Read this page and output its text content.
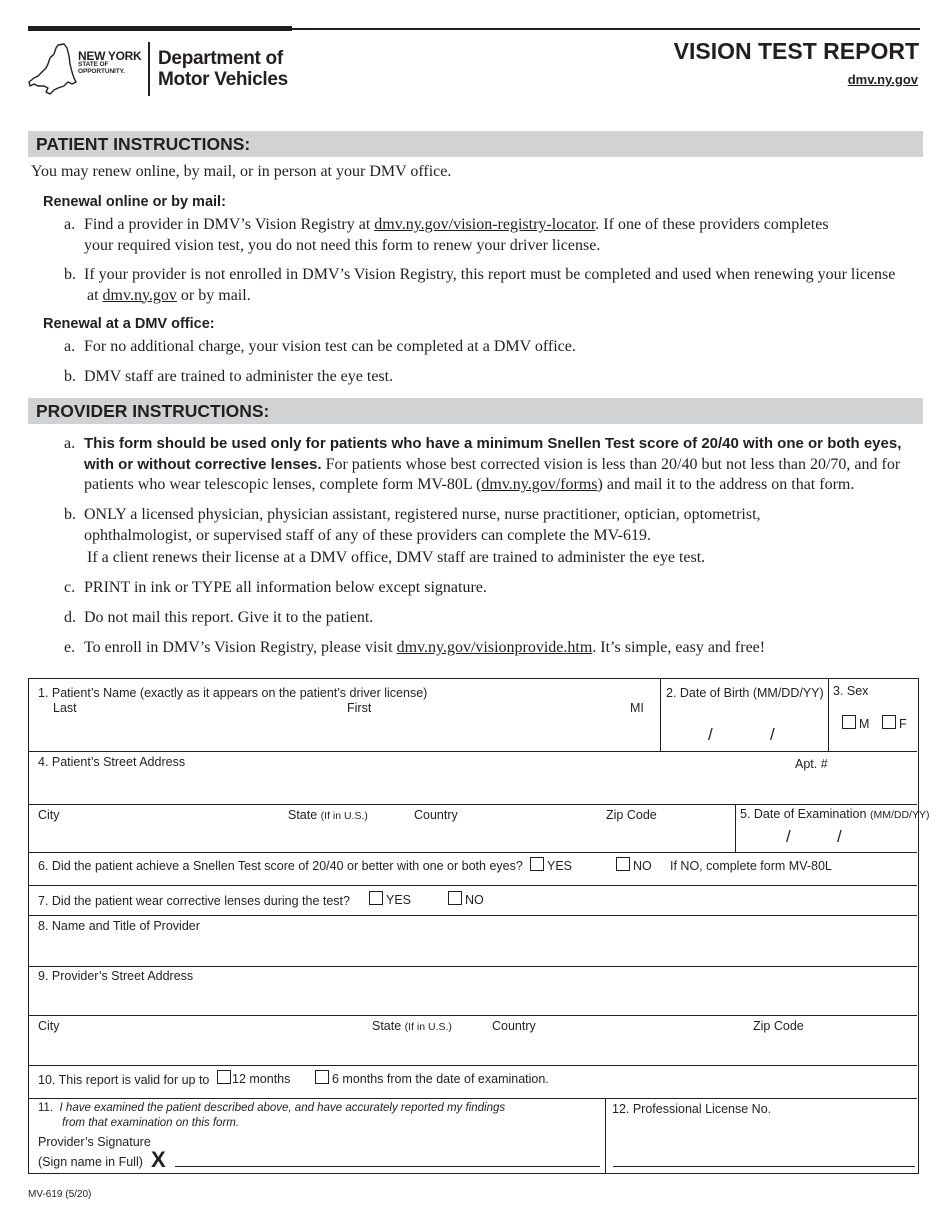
NEW YORK
STATE OF
OPPORTUNITY.
Department of
Motor Vehicles
VISION TEST REPORT
dmv.ny.gov
PATIENT INSTRUCTIONS:
You may renew online, by mail, or in person at your DMV office.
Renewal online or by mail:
a. Find a provider in DMV’s Vision Registry at dmv.ny.gov/vision-registry-locator. If one of these providers completes
your required vision test, you do not need this form to renew your driver license.
b. If your provider is not enrolled in DMV’s Vision Registry, this report must be completed and used when renewing your license
at dmv.ny.gov or by mail.
Renewal at a DMV office:
a. For no additional charge, your vision test can be completed at a DMV office.
b. DMV staff are trained to administer the eye test.
PROVIDER INSTRUCTIONS:
a. This form should be used only for patients who have a minimum Snellen Test score of 20/40 with one or both eyes,
with or without corrective lenses. For patients whose best corrected vision is less than 20/40 but not less than 20/70, and for
patients who wear telescopic lenses, complete form MV-80L (dmv.ny.gov/forms) and mail it to the address on that form.
b. ONLY a licensed physician, physician assistant, registered nurse, nurse practitioner, optician, optometrist,
ophthalmologist, or supervised staff of any of these providers can complete the MV-619.
If a client renews their license at a DMV office, DMV staff are trained to administer the eye test.
c. PRINT in ink or TYPE all information below except signature.
d. Do not mail this report. Give it to the patient.
e. To enroll in DMV’s Vision Registry, please visit dmv.ny.gov/visionprovide.htm. It’s simple, easy and free!
1. Patient’s Name (exactly as it appears on the patient’s driver license)
Last	First	MI
2. Date of Birth (MM/DD/YY)
/	/
3. Sex
M	F
4. Patient’s Street Address	Apt. #
City	State (If in U.S.)	Country	Zip Code	5. Date of Examination (MM/DD/YY)
/	/
6. Did the patient achieve a Snellen Test score of 20/40 or better with one or both eyes?	YES	NO If NO, complete form MV-80L
7. Did the patient wear corrective lenses during the test?	YES	NO
8. Name and Title of Provider
9. Provider’s Street Address
City	State (If in U.S.)	Country	Zip Code
10. This report is valid for up to	12 months	6 months from the date of examination.
11. I have examined the patient described above, and have accurately reported my findings
from that examination on this form.
Provider’s Signature
(Sign name in Full) X
12. Professional License No.
MV-619 (5/20)
